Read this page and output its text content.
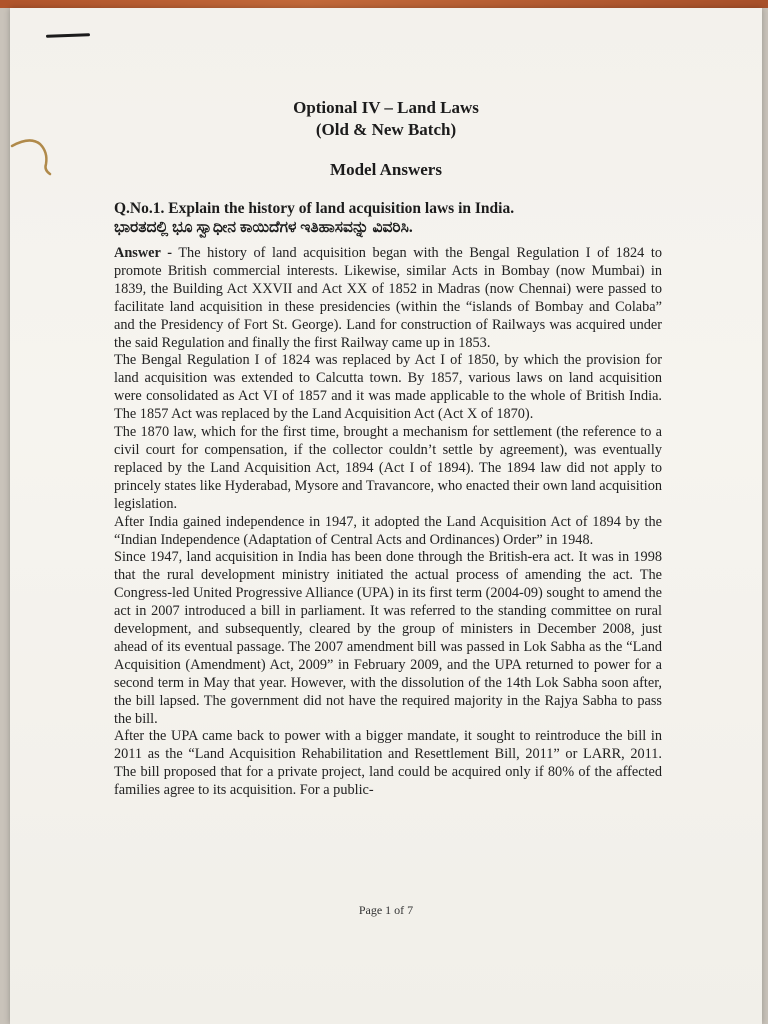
Optional IV – Land Laws
(Old & New Batch)
Model Answers
Q.No.1. Explain the history of land acquisition laws in India.
ಭಾರತದಲ್ಲಿ ಭೂ ಸ್ವಾಧೀನ ಕಾಯಿದೆಗಳ ಇತಿಹಾಸವನ್ನು ವಿವರಿಸಿ.

Answer - The history of land acquisition began with the Bengal Regulation I of 1824 to promote British commercial interests. Likewise, similar Acts in Bombay (now Mumbai) in 1839, the Building Act XXVII and Act XX of 1852 in Madras (now Chennai) were passed to facilitate land acquisition in these presidencies (within the “islands of Bombay and Colaba” and the Presidency of Fort St. George). Land for construction of Railways was acquired under the said Regulation and finally the first Railway came up in 1853.

The Bengal Regulation I of 1824 was replaced by Act I of 1850, by which the provision for land acquisition was extended to Calcutta town. By 1857, various laws on land acquisition were consolidated as Act VI of 1857 and it was made applicable to the whole of British India. The 1857 Act was replaced by the Land Acquisition Act (Act X of 1870).

The 1870 law, which for the first time, brought a mechanism for settlement (the reference to a civil court for compensation, if the collector couldn’t settle by agreement), was eventually replaced by the Land Acquisition Act, 1894 (Act I of 1894). The 1894 law did not apply to princely states like Hyderabad, Mysore and Travancore, who enacted their own land acquisition legislation.

After India gained independence in 1947, it adopted the Land Acquisition Act of 1894 by the “Indian Independence (Adaptation of Central Acts and Ordinances) Order” in 1948.

Since 1947, land acquisition in India has been done through the British-era act. It was in 1998 that the rural development ministry initiated the actual process of amending the act. The Congress-led United Progressive Alliance (UPA) in its first term (2004-09) sought to amend the act in 2007 introduced a bill in parliament. It was referred to the standing committee on rural development, and subsequently, cleared by the group of ministers in December 2008, just ahead of its eventual passage. The 2007 amendment bill was passed in Lok Sabha as the “Land Acquisition (Amendment) Act, 2009” in February 2009, and the UPA returned to power for a second term in May that year. However, with the dissolution of the 14th Lok Sabha soon after, the bill lapsed. The government did not have the required majority in the Rajya Sabha to pass the bill.

After the UPA came back to power with a bigger mandate, it sought to reintroduce the bill in 2011 as the “Land Acquisition Rehabilitation and Resettlement Bill, 2011” or LARR, 2011. The bill proposed that for a private project, land could be acquired only if 80% of the affected families agree to its acquisition. For a public-

Page 1 of 7
